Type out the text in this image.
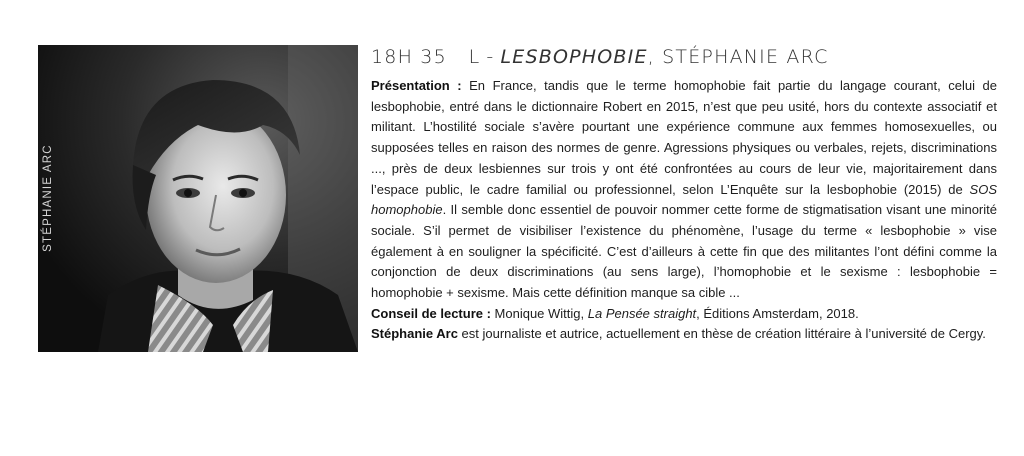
STÉPHANIE ARC
18H 35 L - LESBOPHOBIE, STÉPHANIE ARC

Présentation : En France, tandis que le terme homophobie fait partie du langage courant, celui de lesbophobie, entré dans le dictionnaire Robert en 2015, n’est que peu usité, hors du contexte associatif et militant. L’hostilité sociale s’avère pourtant une expérience commune aux femmes homosexuelles, ou supposées telles en raison des normes de genre. Agressions physiques ou verbales, rejets, discriminations ..., près de deux lesbiennes sur trois y ont été confrontées au cours de leur vie, majoritairement dans l’espace public, le cadre familial ou professionnel, selon L’Enquête sur la lesbophobie (2015) de SOS homophobie. Il semble donc essentiel de pouvoir nommer cette forme de stigmatisation visant une minorité sociale. S’il permet de visibiliser l’existence du phénomène, l’usage du terme « lesbophobie » vise également à en souligner la spécificité. C’est d’ailleurs à cette fin que des militantes l’ont défini comme la conjonction de deux discriminations (au sens large), l’homophobie et le sexisme : lesbophobie = homophobie + sexisme. Mais cette définition manque sa cible ...

Conseil de lecture : Monique Wittig, La Pensée straight, Éditions Amsterdam, 2018.

Stéphanie Arc est journaliste et autrice, actuellement en thèse de création littéraire à l’université de Cergy.
